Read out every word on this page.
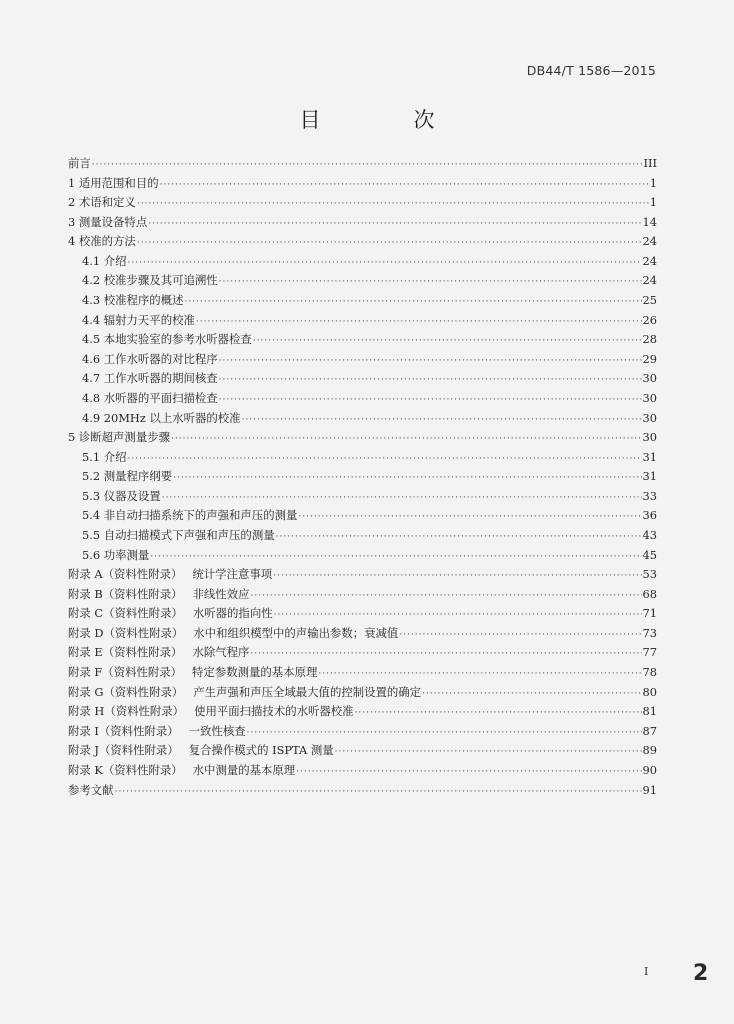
DB44/T 1586—2015
目　次
前言 ·····	III
1 适用范围和目的 ·····	1
2 术语和定义 ·····	1
3 测量设备特点 ·····	14
4 校准的方法 ·····	24
4.1 介绍 ·····	24
4.2 校准步骤及其可追溯性 ·····	24
4.3 校准程序的概述 ·····	25
4.4 辐射力天平的校准 ·····	26
4.5 本地实验室的参考水听器检查 ·····	28
4.6 工作水听器的对比程序 ·····	29
4.7 工作水听器的期间核查 ·····	30
4.8 水听器的平面扫描检查 ·····	30
4.9 20MHz 以上水听器的校准 ·····	30
5 诊断超声测量步骤 ·····	30
5.1 介绍 ·····	31
5.2 测量程序纲要 ·····	31
5.3 仪器及设置 ·····	33
5.4 非自动扫描系统下的声强和声压的测量 ·····	36
5.5 自动扫描模式下声强和声压的测量 ·····	43
5.6 功率测量 ·····	45
附录 A（资料性附录） 统计学注意事项 ·····	53
附录 B（资料性附录） 非线性效应 ·····	68
附录 C（资料性附录） 水听器的指向性 ·····	71
附录 D（资料性附录） 水中和组织模型中的声输出参数；衰减值 ·····	73
附录 E（资料性附录） 水除气程序 ·····	77
附录 F（资料性附录） 特定参数测量的基本原理 ·····	78
附录 G（资料性附录） 产生声强和声压全域最大值的控制设置的确定 ·····	80
附录 H（资料性附录） 使用平面扫描技术的水听器校准 ·····	81
附录 I（资料性附录） 一致性核查 ·····	87
附录 J（资料性附录） 复合操作模式的 ISPTA 测量 ·····	89
附录 K（资料性附录） 水中测量的基本原理 ·····	90
参考文献 ·····	91
I 2
